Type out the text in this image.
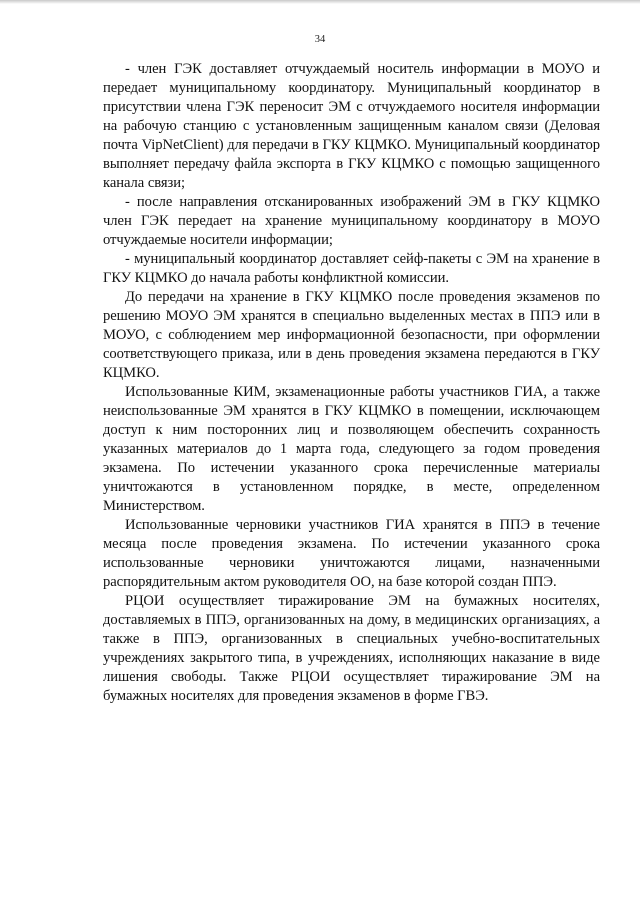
34

- член ГЭК доставляет отчуждаемый носитель информации в МОУО и передает муниципальному координатору. Муниципальный координатор в присутствии члена ГЭК переносит ЭМ с отчуждаемого носителя информации на рабочую станцию с установленным защищенным каналом связи (Деловая почта VipNetClient) для передачи в ГКУ КЦМКО. Муниципальный координатор выполняет передачу файла экспорта в ГКУ КЦМКО с помощью защищенного канала связи;

- после направления отсканированных изображений ЭМ в ГКУ КЦМКО член ГЭК передает на хранение муниципальному координатору в МОУО отчуждаемые носители информации;

- муниципальный координатор доставляет сейф-пакеты с ЭМ на хранение в ГКУ КЦМКО до начала работы конфликтной комиссии.

До передачи на хранение в ГКУ КЦМКО после проведения экзаменов по решению МОУО ЭМ хранятся в специально выделенных местах в ППЭ или в МОУО, с соблюдением мер информационной безопасности, при оформлении соответствующего приказа, или в день проведения экзамена передаются в ГКУ КЦМКО.

Использованные КИМ, экзаменационные работы участников ГИА, а также неиспользованные ЭМ хранятся в ГКУ КЦМКО в помещении, исключающем доступ к ним посторонних лиц и позволяющем обеспечить сохранность указанных материалов до 1 марта года, следующего за годом проведения экзамена. По истечении указанного срока перечисленные материалы уничтожаются в установленном порядке, в месте, определенном Министерством.

Использованные черновики участников ГИА хранятся в ППЭ в течение месяца после проведения экзамена. По истечении указанного срока использованные черновики уничтожаются лицами, назначенными распорядительным актом руководителя ОО, на базе которой создан ППЭ.

РЦОИ осуществляет тиражирование ЭМ на бумажных носителях, доставляемых в ППЭ, организованных на дому, в медицинских организациях, а также в ППЭ, организованных в специальных учебно-воспитательных учреждениях закрытого типа, в учреждениях, исполняющих наказание в виде лишения свободы. Также РЦОИ осуществляет тиражирование ЭМ на бумажных носителях для проведения экзаменов в форме ГВЭ.
